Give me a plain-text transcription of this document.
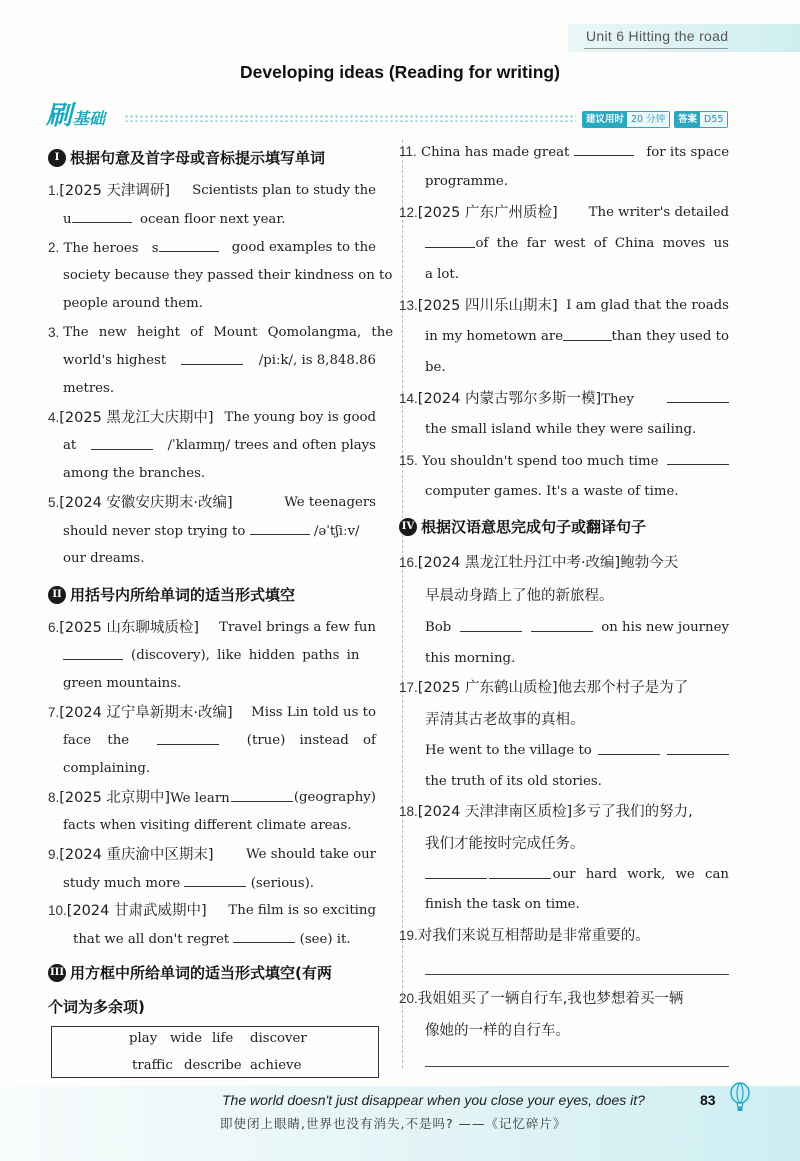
Unit 6 Hitting the road
Developing ideas (Reading for writing)
刷 基础	建议用时 20 分钟	答案 D55
I 根据句意及首字母或音标提示填写单词
1.[2025 天津调研] Scientists plan to study the
u	ocean floor next year.
2. The heroes s	good examples to the
society because they passed their kindness on to
people around them.
3. The new height of Mount Qomolangma, the
world's highest	/piːk/, is 8,848.86
metres.
4.[2025 黑龙江大庆期中] The young boy is good
at	/ˈklaɪmɪŋ/ trees and often plays
among the branches.
5.[2024 安徽安庆期末·改编]	We teenagers
should never stop trying to	/əˈtʃiːv/
our dreams.
II 用括号内所给单词的适当形式填空
6.[2025 山东聊城质检] Travel brings a few fun
(discovery), like hidden paths in
green mountains.
7.[2024 辽宁阜新期末·改编] Miss Lin told us to
face the	(true) instead of
complaining.
8.[2025 北京期中]We learn	(geography)
facts when visiting different climate areas.
9.[2024 重庆渝中区期末] We should take our
study much more	(serious).
10.[2024 甘肃武威期中] The film is so exciting
that we all don't regret	(see) it.
III 用方框中所给单词的适当形式填空(有两
个词为多余项)
play wide life discover
traffic describe achieve
11. China has made great	for its space
programme.
12.[2025 广东广州质检] The writer's detailed
of the far west of China moves us
a lot.
13.[2025 四川乐山期末] I am glad that the roads
in my hometown are	than they used to
be.
14.[2024 内蒙古鄂尔多斯一模]They
the small island while they were sailing.
15. You shouldn't spend too much time
computer games. It's a waste of time.
IV 根据汉语意思完成句子或翻译句子
16.[2024 黑龙江牡丹江中考·改编]鲍勃今天
早晨动身踏上了他的新旅程。
Bob	on his new journey
this morning.
17.[2025 广东鹤山质检]他去那个村子是为了
弄清其古老故事的真相。
He went to the village to
the truth of its old stories.
18.[2024 天津津南区质检]多亏了我们的努力,
我们才能按时完成任务。
our hard work, we can
finish the task on time.
19.对我们来说互相帮助是非常重要的。
20.我姐姐买了一辆自行车,我也梦想着买一辆
像她的一样的自行车。
The world doesn't just disappear when you close your eyes, does it?
即使闭上眼睛,世界也没有消失,不是吗? ——《记忆碎片》
83
